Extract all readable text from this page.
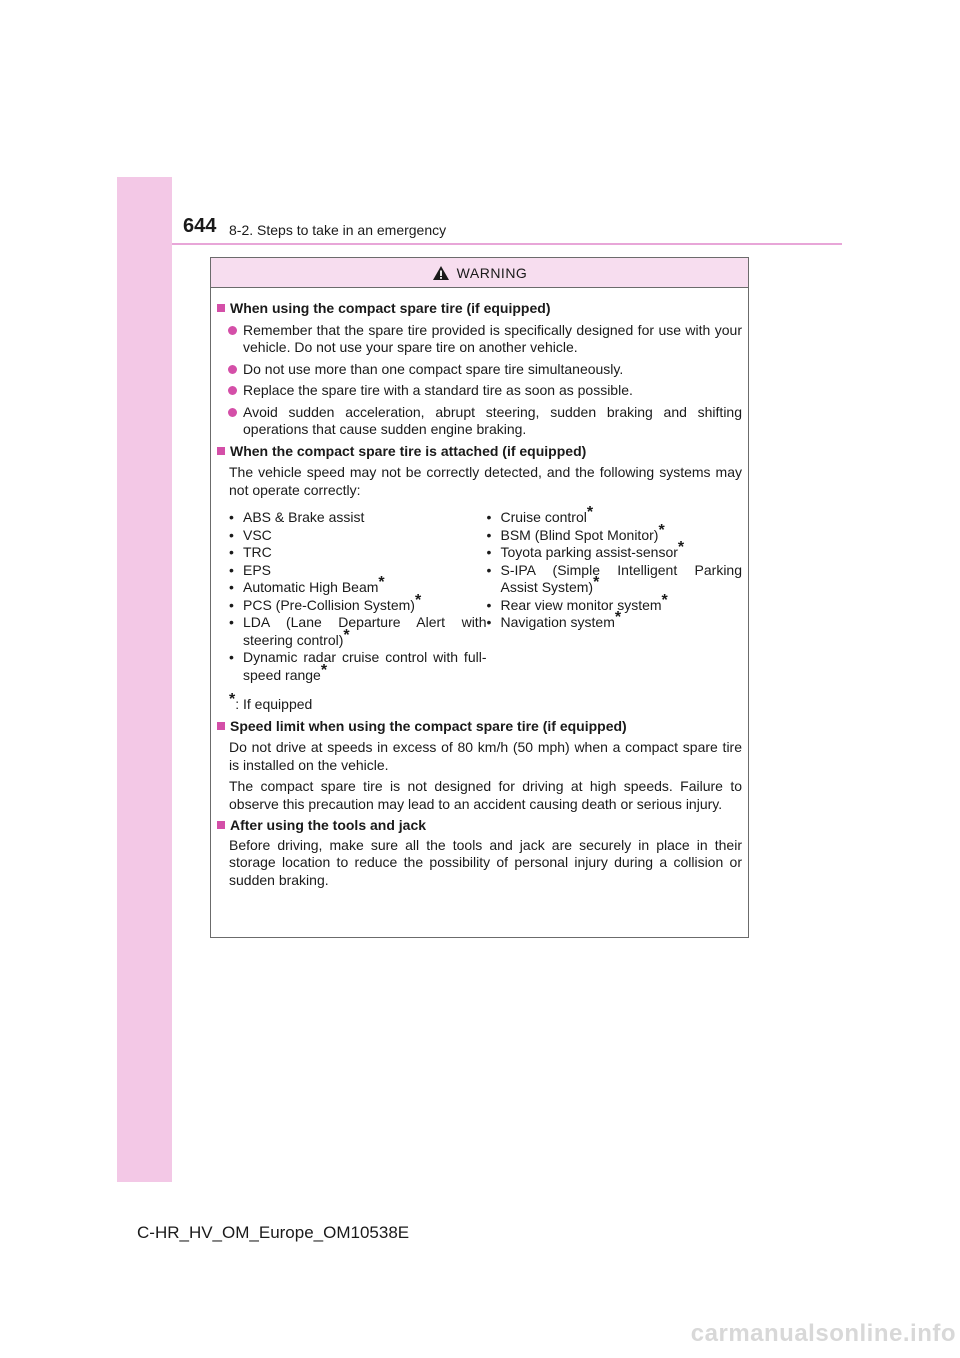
644 8-2. Steps to take in an emergency
WARNING
When using the compact spare tire (if equipped)
Remember that the spare tire provided is specifically designed for use with your vehicle. Do not use your spare tire on another vehicle.
Do not use more than one compact spare tire simultaneously.
Replace the spare tire with a standard tire as soon as possible.
Avoid sudden acceleration, abrupt steering, sudden braking and shifting operations that cause sudden engine braking.
When the compact spare tire is attached (if equipped)
The vehicle speed may not be correctly detected, and the following systems may not operate correctly:
• ABS & Brake assist
• VSC
• TRC
• EPS
• Automatic High Beam*
• PCS (Pre-Collision System)*
• LDA (Lane Departure Alert with steering control)*
• Dynamic radar cruise control with full-speed range*
• Cruise control*
• BSM (Blind Spot Monitor)*
• Toyota parking assist-sensor*
• S-IPA (Simple Intelligent Parking Assist System)*
• Rear view monitor system*
• Navigation system*
*: If equipped
Speed limit when using the compact spare tire (if equipped)
Do not drive at speeds in excess of 80 km/h (50 mph) when a compact spare tire is installed on the vehicle.
The compact spare tire is not designed for driving at high speeds. Failure to observe this precaution may lead to an accident causing death or serious injury.
After using the tools and jack
Before driving, make sure all the tools and jack are securely in place in their storage location to reduce the possibility of personal injury during a collision or sudden braking.
C-HR_HV_OM_Europe_OM10538E
carmanualsonline.info
